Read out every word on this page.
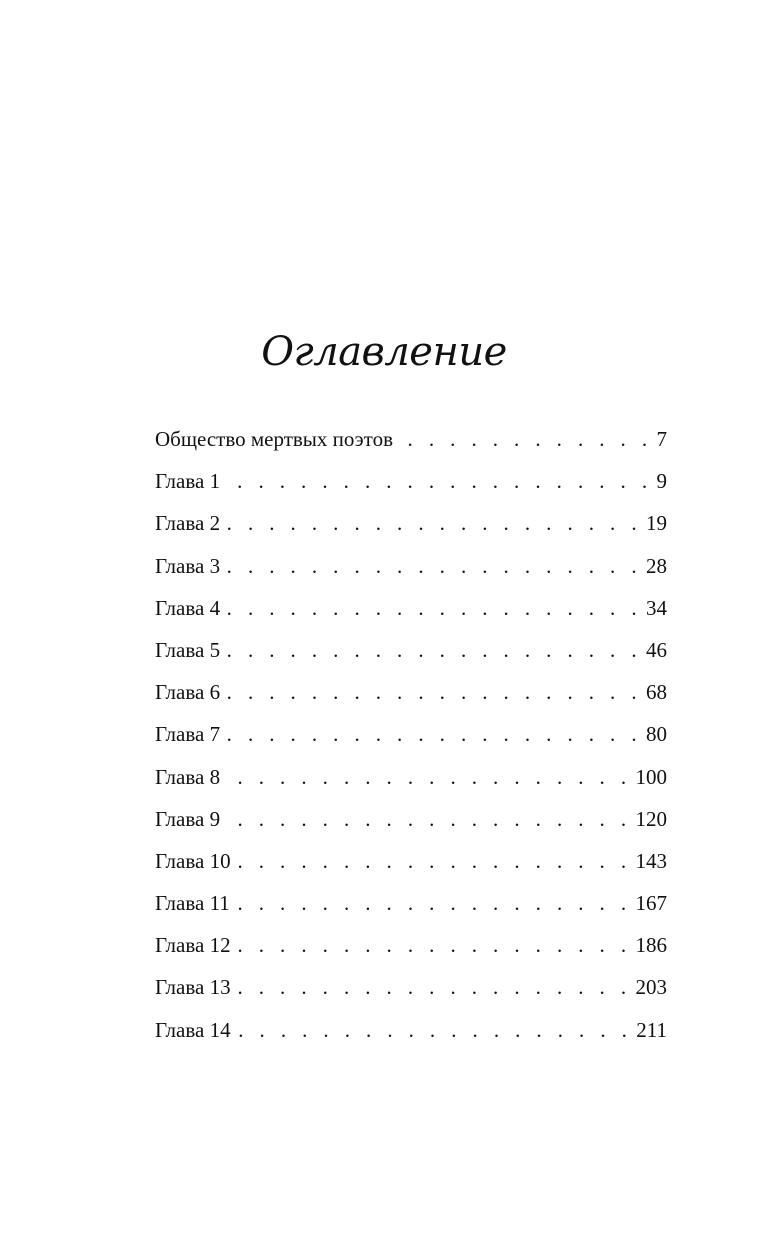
Оглавление
Общество мертвых поэтов . . .	7
Глава 1 . . .	9
Глава 2 . . .	19
Глава 3 . . .	28
Глава 4 . . .	34
Глава 5 . . .	46
Глава 6 . . .	68
Глава 7 . . .	80
Глава 8 . . .	100
Глава 9 . . .	120
Глава 10 . . .	143
Глава 11 . . .	167
Глава 12 . . .	186
Глава 13 . . .	203
Глава 14 . . .	211
